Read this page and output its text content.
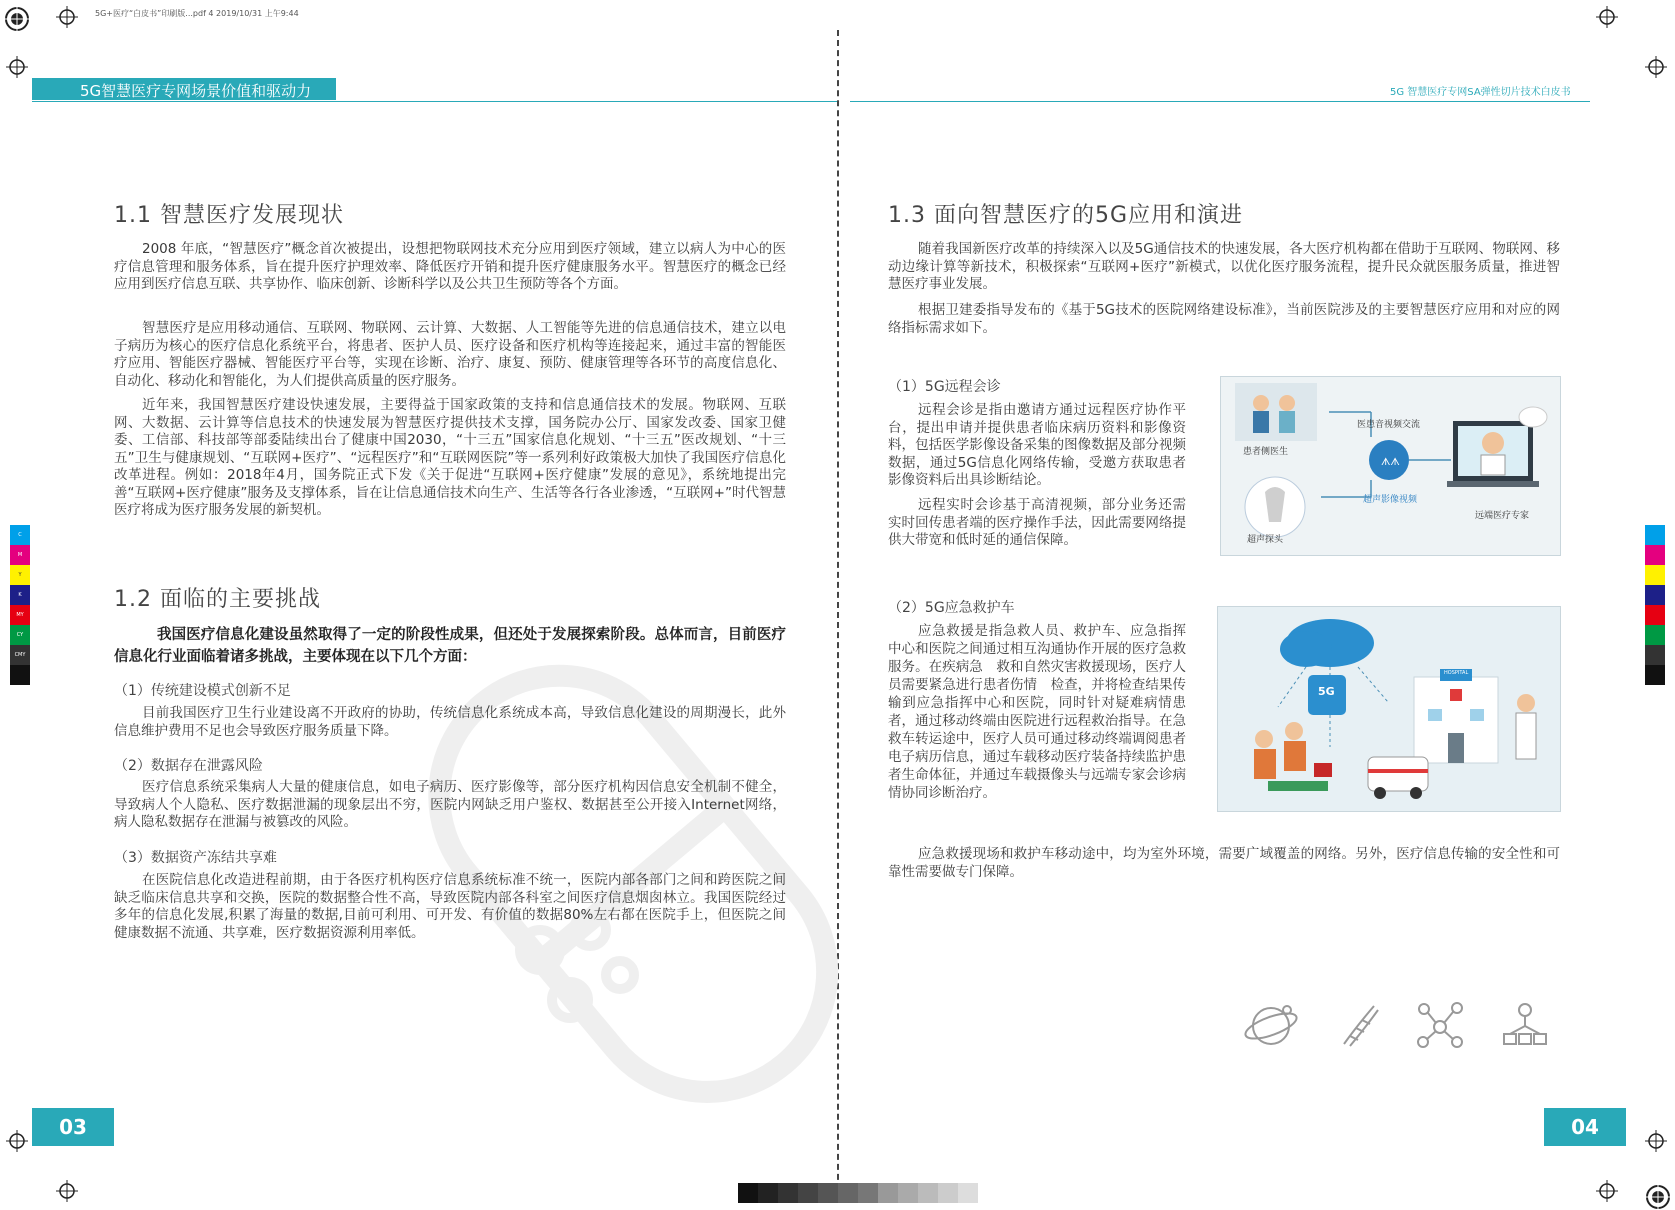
5G+医疗“白皮书”印刷版...pdf 4 2019/10/31 上午9:44
5G智慧医疗专网场景价值和驱动力	5G 智慧医疗专网SA弹性切片技术白皮书
C
M
Y
K
MY
CY
CMY
1.1 智慧医疗发展现状
2008 年底，“智慧医疗”概念首次被提出，设想把物联网技术充分应用到医疗领域，建立以病人为中心的医疗信息管理和服务体系，旨在提升医疗护理效率、降低医疗开销和提升医疗健康服务水平。智慧医疗的概念已经应用到医疗信息互联、共享协作、临床创新、诊断科学以及公共卫生预防等各个方面。
智慧医疗是应用移动通信、互联网、物联网、云计算、大数据、人工智能等先进的信息通信技术，建立以电子病历为核心的医疗信息化系统平台，将患者、医护人员、医疗设备和医疗机构等连接起来，通过丰富的智能医疗应用、智能医疗器械、智能医疗平台等，实现在诊断、治疗、康复、预防、健康管理等各环节的高度信息化、自动化、移动化和智能化，为人们提供高质量的医疗服务。
近年来，我国智慧医疗建设快速发展，主要得益于国家政策的支持和信息通信技术的发展。物联网、互联网、大数据、云计算等信息技术的快速发展为智慧医疗提供技术支撑，国务院办公厅、国家发改委、国家卫健委、工信部、科技部等部委陆续出台了健康中国2030，“十三五”国家信息化规划、“十三五”医改规划、“十三五”卫生与健康规划、“互联网+医疗”、“远程医疗”和“互联网医院”等一系列利好政策极大加快了我国医疗信息化改革进程。例如：2018年4月，国务院正式下发《关于促进“互联网+医疗健康”发展的意见》，系统地提出完善“互联网+医疗健康”服务及支撑体系，旨在让信息通信技术向生产、生活等各行各业渗透，“互联网+”时代智慧医疗将成为医疗服务发展的新契机。
1.2 面临的主要挑战
我国医疗信息化建设虽然取得了一定的阶段性成果，但还处于发展探索阶段。总体而言，目前医疗信息化行业面临着诸多挑战，主要体现在以下几个方面：
（1）传统建设模式创新不足
目前我国医疗卫生行业建设离不开政府的协助，传统信息化系统成本高，导致信息化建设的周期漫长，此外信息维护费用不足也会导致医疗服务质量下降。
（2）数据存在泄露风险
医疗信息系统采集病人大量的健康信息，如电子病历、医疗影像等，部分医疗机构因信息安全机制不健全，导致病人个人隐私、医疗数据泄漏的现象层出不穷，医院内网缺乏用户鉴权、数据甚至公开接入Internet网络，病人隐私数据存在泄漏与被篡改的风险。
（3）数据资产冻结共享难
在医院信息化改造进程前期，由于各医疗机构医疗信息系统标准不统一，医院内部各部门之间和跨医院之间缺乏临床信息共享和交换，医院的数据整合性不高，导致医院内部各科室之间医疗信息烟囱林立。我国医院经过多年的信息化发展,积累了海量的数据,目前可利用、可开发、有价值的数据80%左右都在医院手上，但医院之间健康数据不流通、共享难，医疗数据资源利用率低。
03
1.3 面向智慧医疗的5G应用和演进
随着我国新医疗改革的持续深入以及5G通信技术的快速发展，各大医疗机构都在借助于互联网、物联网、移动边缘计算等新技术，积极探索“互联网+医疗”新模式，以优化医疗服务流程，提升民众就医服务质量，推进智慧医疗事业发展。
根据卫建委指导发布的《基于5G技术的医院网络建设标准》，当前医院涉及的主要智慧医疗应用和对应的网络指标需求如下。
（1）5G远程会诊
远程会诊是指由邀请方通过远程医疗协作平台，提出申请并提供患者临床病历资料和影像资料，包括医学影像设备采集的图像数据及部分视频数据，通过5G信息化网络传输，受邀方获取患者影像资料后出具诊断结论。
远程实时会诊基于高清视频，部分业务还需实时回传患者端的医疗操作手法，因此需要网络提供大带宽和低时延的通信保障。
ᗑᗑ
患者侧医生
医患音视频交流
超声影像视频
超声探头
远端医疗专家
（2）5G应急救护车
应急救援是指急救人员、救护车、应急指挥中心和医院之间通过相互沟通协作开展的医疗急救服务。在疾病急　救和自然灾害救援现场，医疗人员需要紧急进行患者伤情　检查，并将检查结果传输到应急指挥中心和医院，同时针对疑难病情患者，通过移动终端由医院进行远程救治指导。在急救车转运途中，医疗人员可通过移动终端调阅患者电子病历信息，通过车载移动医疗装备持续监护患者生命体征，并通过车载摄像头与远端专家会诊病情协同诊断治疗。
应急救援现场和救护车移动途中，均为室外环境，需要广域覆盖的网络。另外，医疗信息传输的安全性和可靠性需要做专门保障。
HOSPITAL
5G
04
